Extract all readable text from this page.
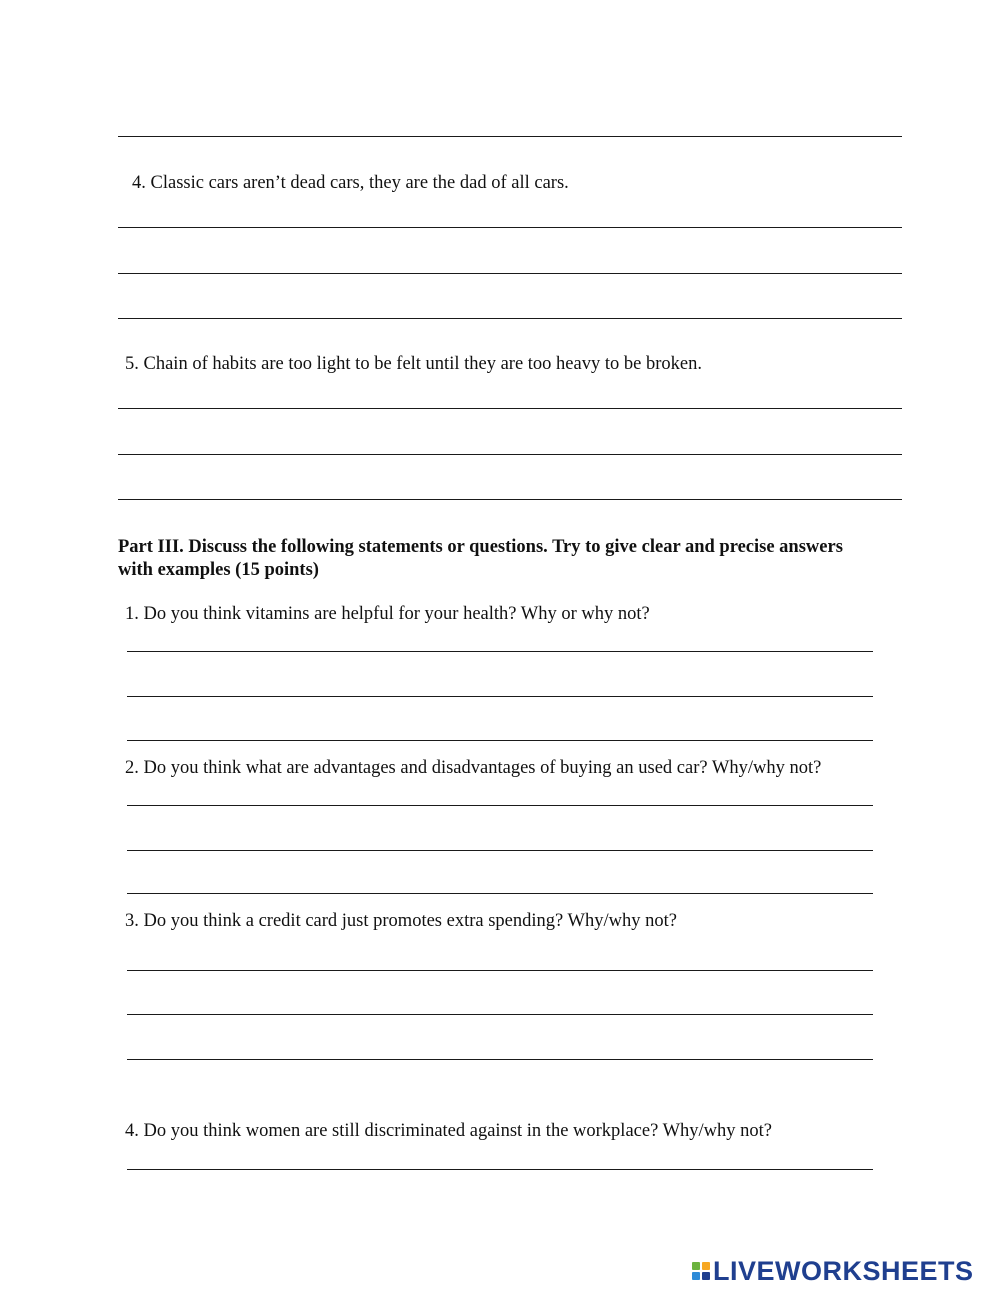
4. Classic cars aren’t dead cars, they are the dad of all cars.
5. Chain of habits are too light to be felt until they are too heavy to be broken.
Part III. Discuss the following statements or questions. Try to give clear and precise answers with examples (15 points)
1. Do you think vitamins are helpful for your health? Why or why not?
2. Do you think what are advantages and disadvantages of buying an used car? Why/why not?
3. Do you think a credit card just promotes extra spending? Why/why not?
4. Do you think women are still discriminated against in the workplace? Why/why not?
LIVEWORKSHEETS
